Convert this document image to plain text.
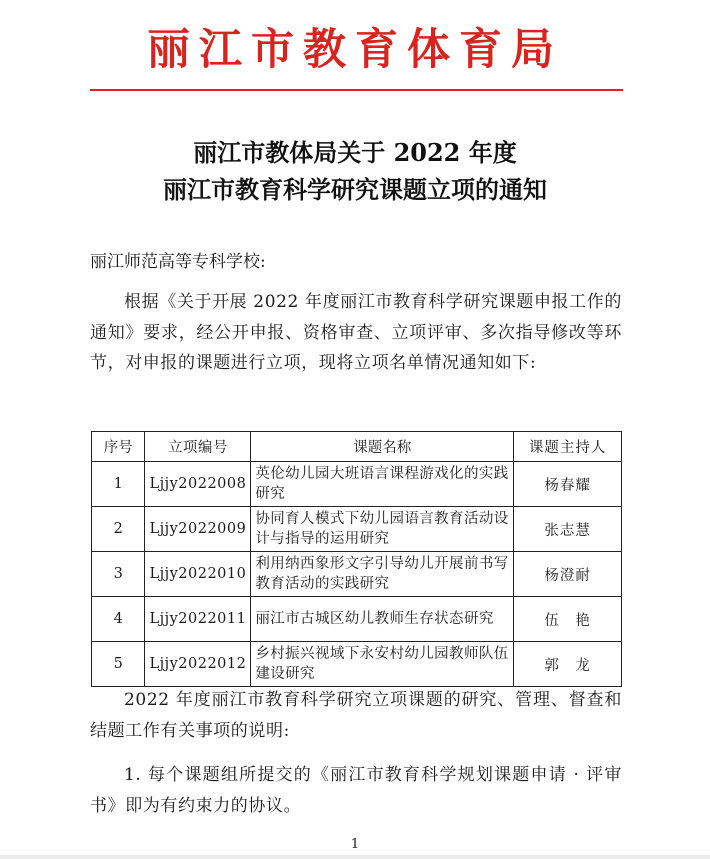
丽江市教育体育局
丽江市教体局关于 2022 年度
丽江市教育科学研究课题立项的通知
丽江师范高等专科学校:

根据《关于开展 2022 年度丽江市教育科学研究课题申报工作的通知》要求，经公开申报、资格审查、立项评审、多次指导修改等环节，对申报的课题进行立项，现将立项名单情况通知如下:

序号	立项编号	课题名称	课题主持人
1	Ljjy2022008	英伦幼儿园大班语言课程游戏化的实践研究	杨春耀
2	Ljjy2022009	协同育人模式下幼儿园语言教育活动设计与指导的运用研究	张志慧
3	Ljjy2022010	利用纳西象形文字引导幼儿开展前书写教育活动的实践研究	杨澄耐
4	Ljjy2022011	丽江市古城区幼儿教师生存状态研究	伍　艳
5	Ljjy2022012	乡村振兴视域下永安村幼儿园教师队伍建设研究	郭　龙

2022 年度丽江市教育科学研究立项课题的研究、管理、督查和结题工作有关事项的说明:

1. 每个课题组所提交的《丽江市教育科学规划课题申请 · 评审书》即为有约束力的协议。

1
